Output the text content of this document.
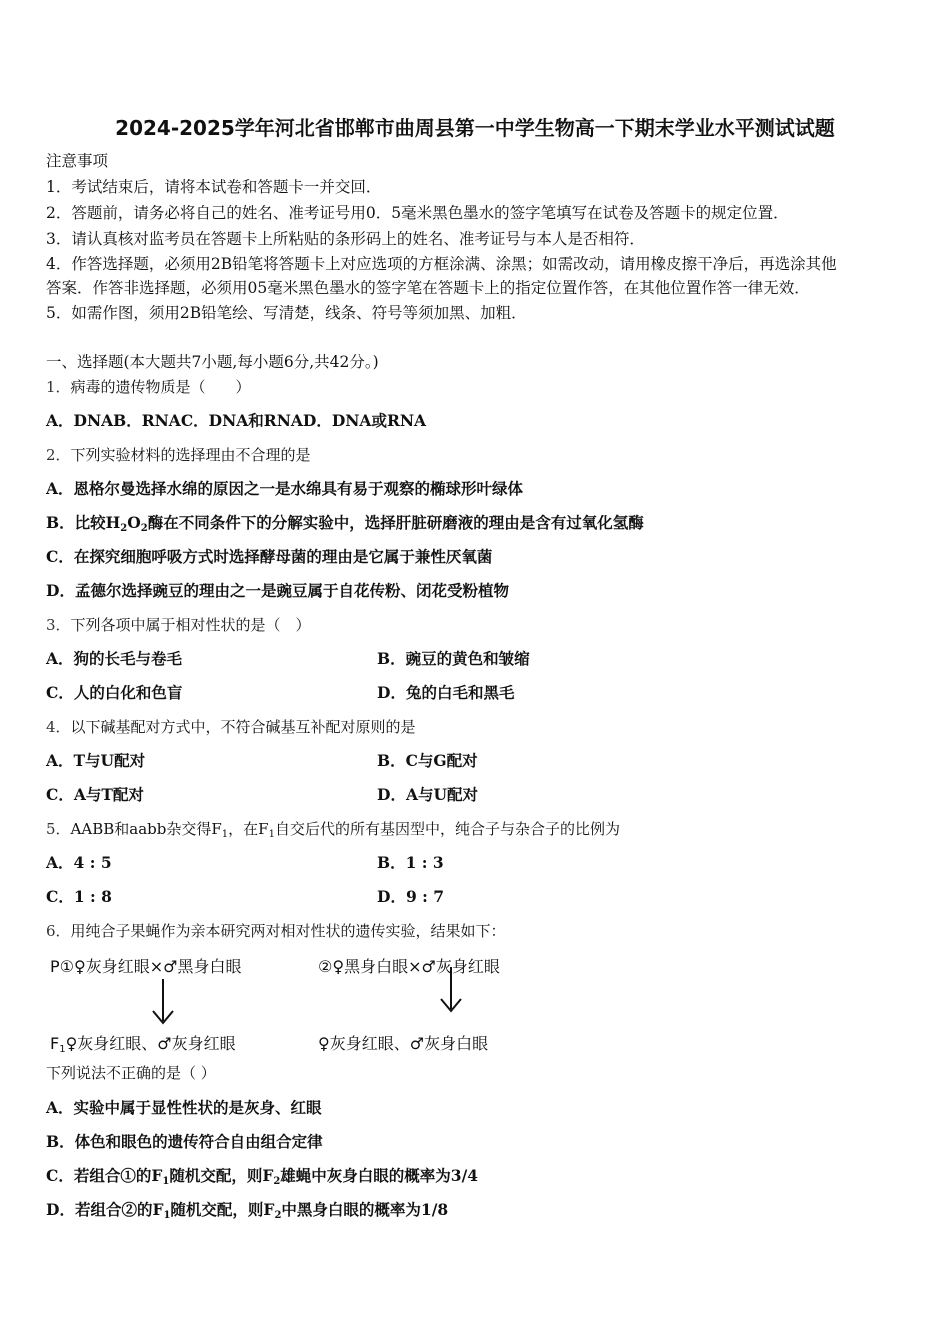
2024-2025学年河北省邯郸市曲周县第一中学生物高一下期末学业水平测试试题
注意事项
1．考试结束后，请将本试卷和答题卡一并交回．
2．答题前，请务必将自己的姓名、准考证号用0．5毫米黑色墨水的签字笔填写在试卷及答题卡的规定位置．
3．请认真核对监考员在答题卡上所粘贴的条形码上的姓名、准考证号与本人是否相符．
4．作答选择题，必须用2B铅笔将答题卡上对应选项的方框涂满、涂黑；如需改动，请用橡皮擦干净后，再选涂其他
答案．作答非选择题，必须用05毫米黑色墨水的签字笔在答题卡上的指定位置作答，在其他位置作答一律无效．
5．如需作图，须用2B铅笔绘、写清楚，线条、符号等须加黑、加粗．
一、选择题(本大题共7小题,每小题6分,共42分。)
1．病毒的遗传物质是（　　）
A．DNAB．RNAC．DNA和RNAD．DNA或RNA
2．下列实验材料的选择理由不合理的是
A．恩格尔曼选择水绵的原因之一是水绵具有易于观察的椭球形叶绿体
B．比较$H_2O_2$酶在不同条件下的分解实验中，选择肝脏研磨液的理由是含有过氧化氢酶
C．在探究细胞呼吸方式时选择酵母菌的理由是它属于兼性厌氧菌
D．孟德尔选择豌豆的理由之一是豌豆属于自花传粉、闭花受粉植物
3．下列各项中属于相对性状的是（　）
A．狗的长毛与卷毛	B．豌豆的黄色和皱缩
C．人的白化和色盲	D．兔的白毛和黑毛
4．以下碱基配对方式中，不符合碱基互补配对原则的是
A．T与U配对	B．C与G配对
C．A与T配对	D．A与U配对
5．AABB和aabb杂交得$F_1$，在$F_1$自交后代的所有基因型中，纯合子与杂合子的比例为
A．4 : 5	B．1 : 3
C．1 : 8	D．9 : 7
6．用纯合子果蝇作为亲本研究两对相对性状的遗传实验，结果如下：
P①♀灰身红眼×♂黑身白眼	②♀黑身白眼×♂灰身红眼
$F_1♀$灰身红眼、♂灰身红眼	♀灰身红眼、♂灰身白眼
下列说法不正确的是（ ）
A．实验中属于显性性状的是灰身、红眼
B．体色和眼色的遗传符合自由组合定律
C．若组合①的$F_1$随机交配，则$F_2$雄蝇中灰身白眼的概率为3/4
D．若组合②的$F_1$随机交配，则$F_2$中黑身白眼的概率为1/8
